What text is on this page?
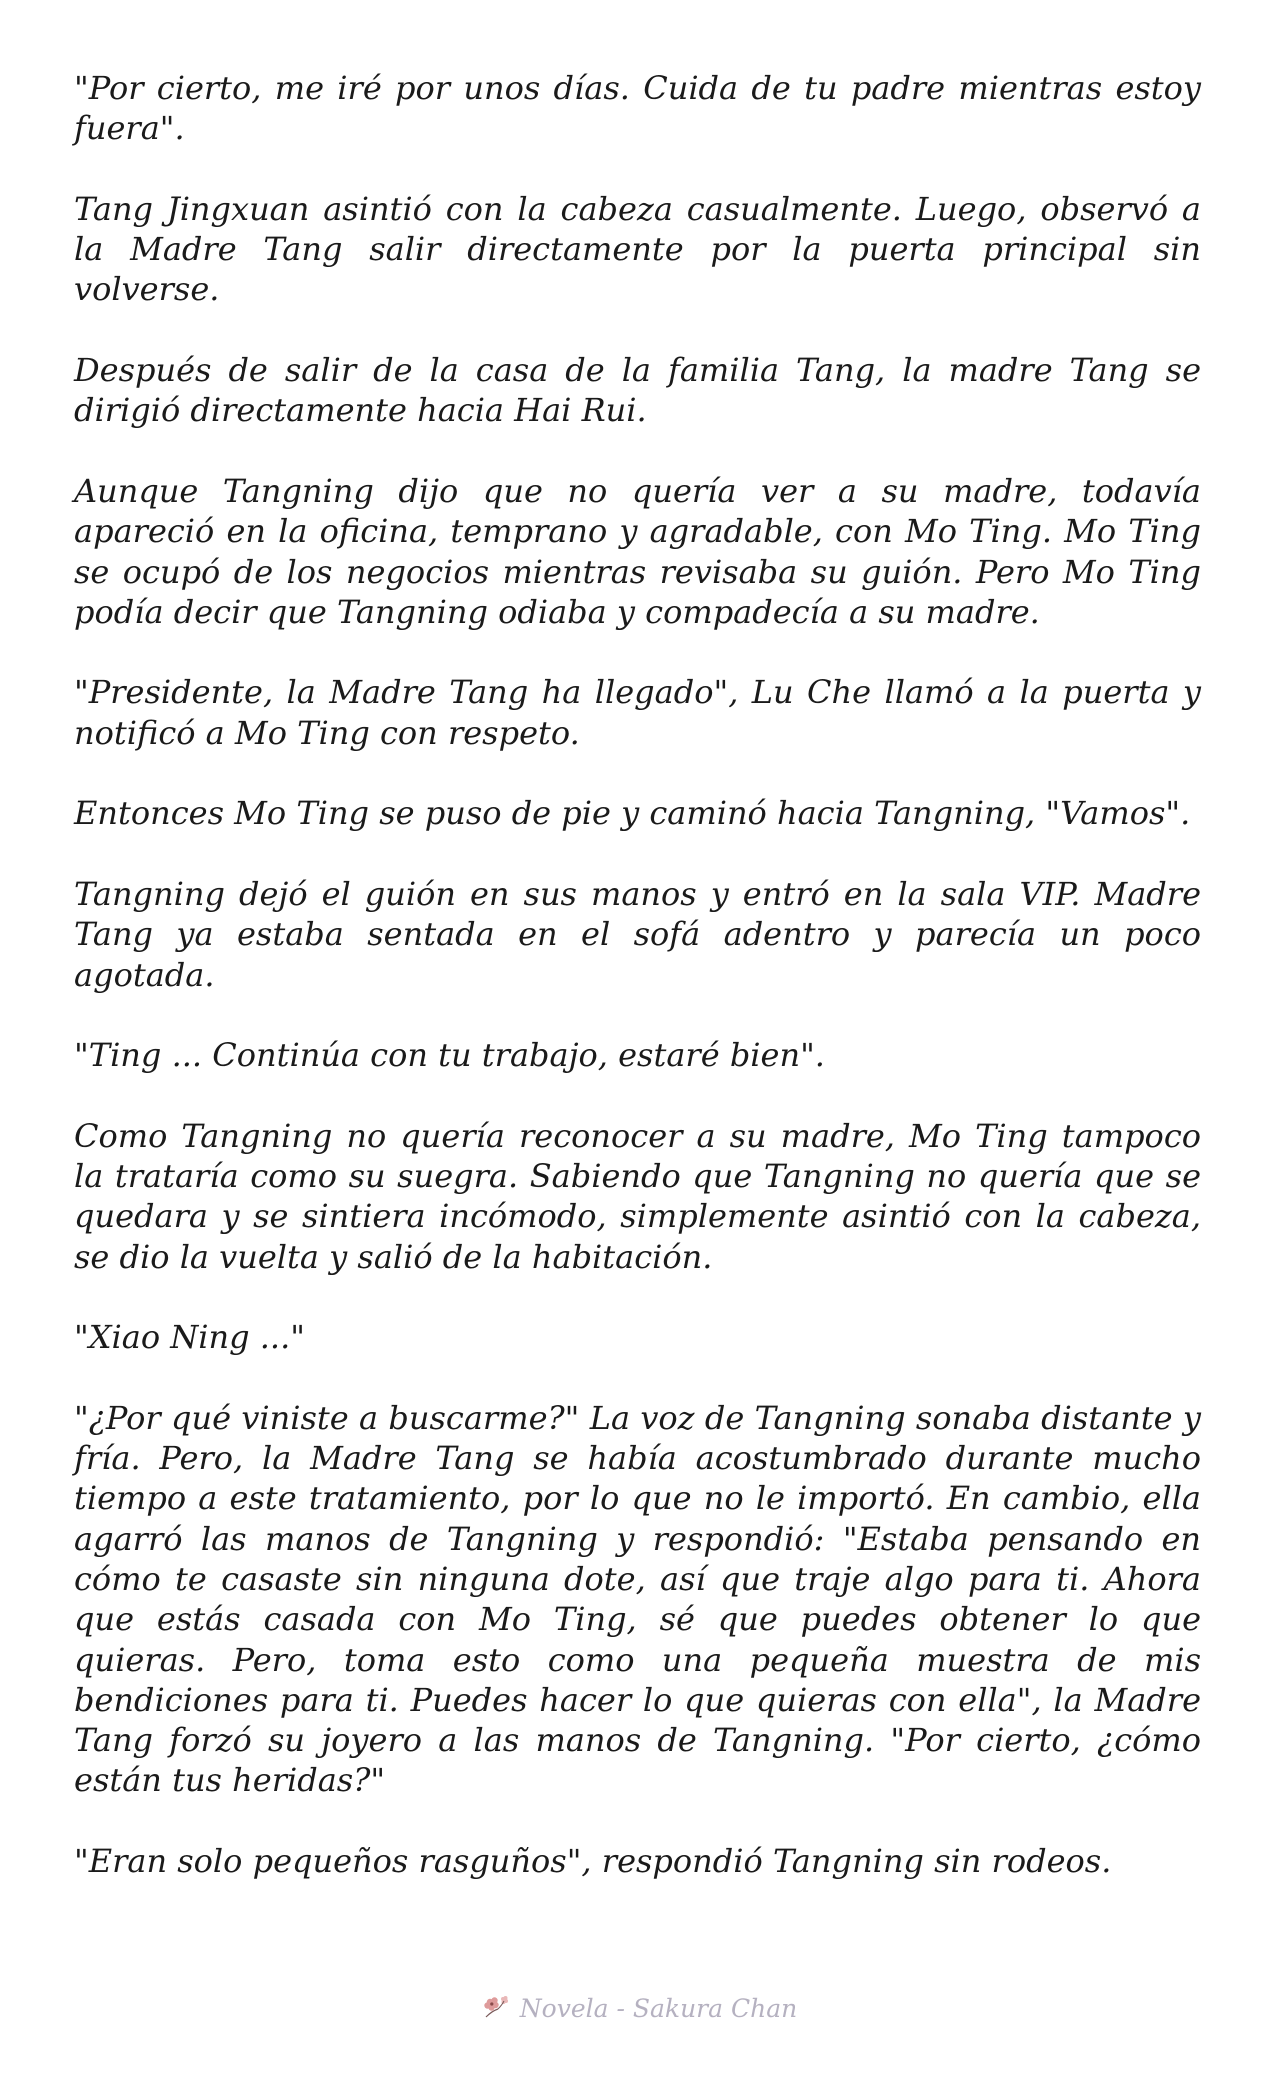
"Por cierto, me iré por unos días. Cuida de tu padre mientras estoy fuera".

Tang Jingxuan asintió con la cabeza casualmente. Luego, observó a la Madre Tang salir directamente por la puerta principal sin volverse.

Después de salir de la casa de la familia Tang, la madre Tang se dirigió directamente hacia Hai Rui.

Aunque Tangning dijo que no quería ver a su madre, todavía apareció en la oficina, temprano y agradable, con Mo Ting. Mo Ting se ocupó de los negocios mientras revisaba su guión. Pero Mo Ting podía decir que Tangning odiaba y compadecía a su madre.

"Presidente, la Madre Tang ha llegado", Lu Che llamó a la puerta y notificó a Mo Ting con respeto.

Entonces Mo Ting se puso de pie y caminó hacia Tangning, "Vamos".

Tangning dejó el guión en sus manos y entró en la sala VIP. Madre Tang ya estaba sentada en el sofá adentro y parecía un poco agotada.

"Ting ... Continúa con tu trabajo, estaré bien".

Como Tangning no quería reconocer a su madre, Mo Ting tampoco la trataría como su suegra. Sabiendo que Tangning no quería que se quedara y se sintiera incómodo, simplemente asintió con la cabeza, se dio la vuelta y salió de la habitación.

"Xiao Ning ..."

"¿Por qué viniste a buscarme?" La voz de Tangning sonaba distante y fría. Pero, la Madre Tang se había acostumbrado durante mucho tiempo a este tratamiento, por lo que no le importó. En cambio, ella agarró las manos de Tangning y respondió: "Estaba pensando en cómo te casaste sin ninguna dote, así que traje algo para ti. Ahora que estás casada con Mo Ting, sé que puedes obtener lo que quieras. Pero, toma esto como una pequeña muestra de mis bendiciones para ti. Puedes hacer lo que quieras con ella", la Madre Tang forzó su joyero a las manos de Tangning. "Por cierto, ¿cómo están tus heridas?"

"Eran solo pequeños rasguños", respondió Tangning sin rodeos.

Novela - Sakura Chan
